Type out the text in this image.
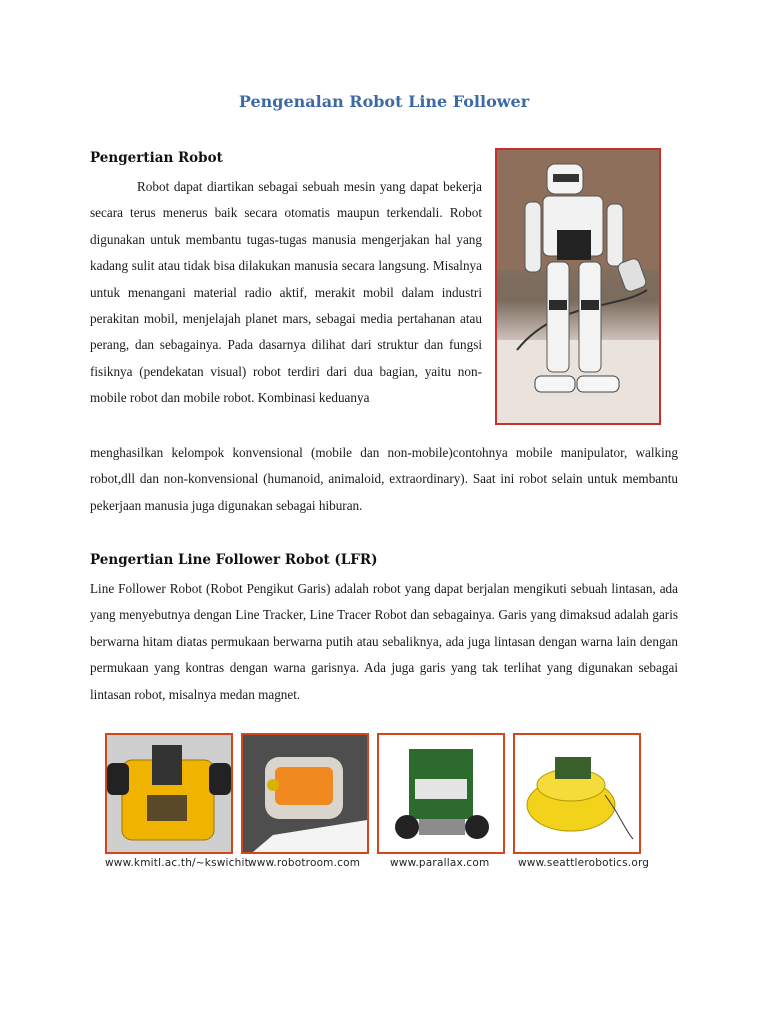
Pengenalan Robot Line Follower
Pengertian Robot
Robot dapat diartikan sebagai sebuah mesin yang dapat bekerja secara terus menerus baik secara otomatis maupun terkendali. Robot digunakan untuk membantu tugas-tugas manusia mengerjakan hal yang kadang sulit atau tidak bisa dilakukan manusia secara langsung. Misalnya untuk menangani material radio aktif, merakit mobil dalam industri perakitan mobil, menjelajah planet mars, sebagai media pertahanan atau perang, dan sebagainya. Pada dasarnya dilihat dari struktur dan fungsi fisiknya (pendekatan visual) robot terdiri dari dua bagian, yaitu non-mobile robot dan mobile robot. Kombinasi keduanya
menghasilkan kelompok konvensional (mobile dan non-mobile)contohnya mobile manipulator, walking robot,dll dan non-konvensional (humanoid, animaloid, extraordinary). Saat ini robot selain untuk membantu pekerjaan manusia juga digunakan sebagai hiburan.
Pengertian Line Follower Robot (LFR)
Line Follower Robot (Robot Pengikut Garis) adalah robot yang dapat berjalan mengikuti sebuah lintasan, ada yang menyebutnya dengan Line Tracker, Line Tracer Robot dan sebagainya. Garis yang dimaksud adalah garis berwarna hitam diatas permukaan berwarna putih atau sebaliknya, ada juga lintasan dengan warna lain dengan permukaan yang kontras dengan warna garisnya. Ada juga garis yang tak terlihat yang digunakan sebagai lintasan robot, misalnya medan magnet.
www.kmitl.ac.th/~kswichit www.robotroom.com	www.parallax.com	www.seattlerobotics.org
